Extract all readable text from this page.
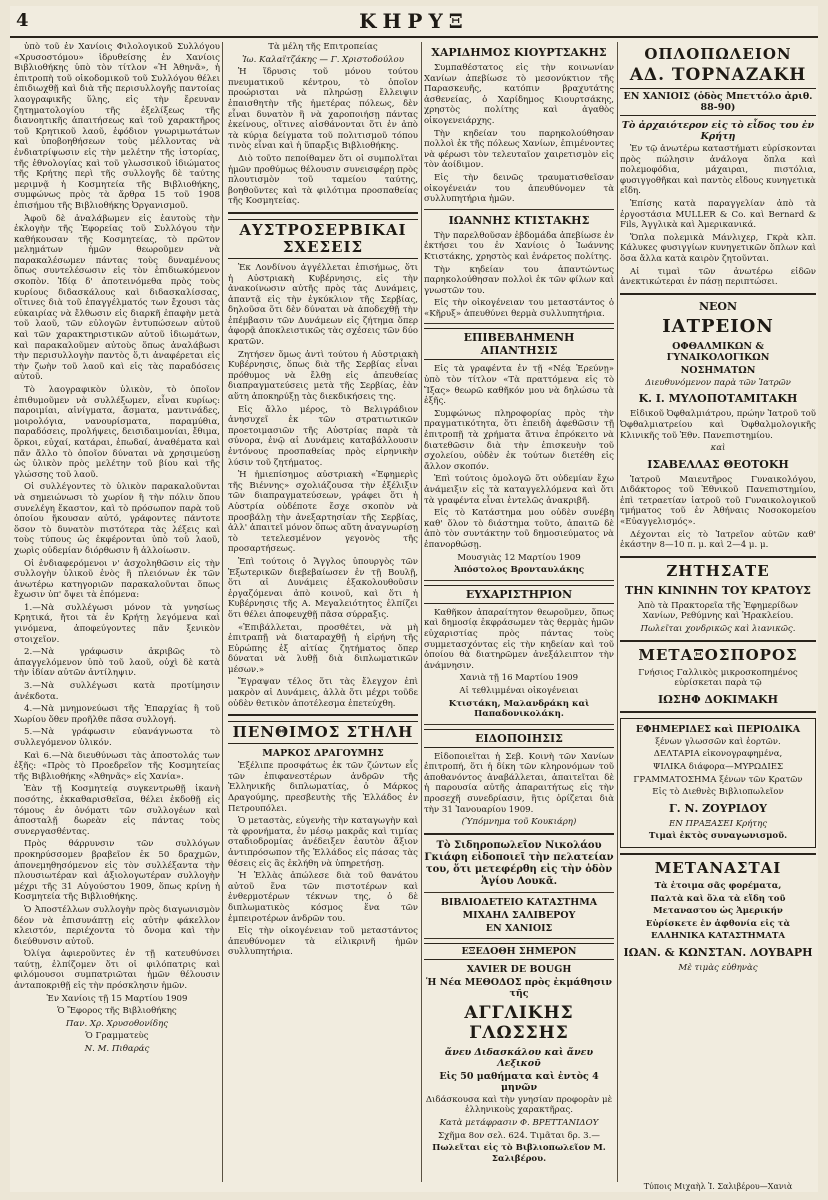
4	ΚΗΡΥΞ

ὑπὸ τοῦ ἐν Χανίοις Φιλολογικοῦ Συλλόγου «Χρυσοστόμου» ἱδρυθείσης ἐν Χανίοις Βιβλιοθήκης ὑπὸ τὸν τίτλον «Ἡ Ἀθηνᾶ», ἡ ἐπιτροπὴ τοῦ οἰκοδομικοῦ τοῦ Συλλόγου θέλει ἐπιδιωχθῇ καὶ διὰ τῆς περισυλλογῆς παντοίας λαογραφικῆς ὕλης, εἰς τὴν ἔρευναν ζητηματολογίου τῆς ἐξελίξεως τῆς διανοητικῆς ἀπαιτήσεως καὶ τοῦ χαρακτῆρος τοῦ Κρητικοῦ λαοῦ, ἐφόδιον γνωριμωτάτων καὶ ὑποβοηθήσεων τοὺς μέλλοντας νὰ ἐνδιατρίψωσιν εἰς τὴν μελέτην τῆς ἱστορίας, τῆς ἐθνολογίας καὶ τοῦ γλωσσικοῦ ἰδιώματος τῆς Κρήτης περὶ τῆς συλλογῆς δὲ ταύτης μεριμνᾷ ἡ Κοσμητεία τῆς Βιβλιοθήκης, συμφώνως πρὸς τὰ ἄρθρα 15 τοῦ 1908 ἐπισήμου τῆς Βιβλιοθήκης Ὀργανισμοῦ.

Ἀφοῦ δὲ ἀναλάβωμεν εἰς ἐαυτοὺς τὴν ἐκλογὴν τῆς Ἐφορείας τοῦ Συλλόγου τὴν καθήκουσαν τῆς Κοσμητείας, τὸ πρῶτον μελημάτων ἡμῶν θεωροῦμεν νὰ παρακαλέσωμεν πάντας τοὺς δυναμένους ὅπως συντελέσωσιν εἰς τὸν ἐπιδιωκόμενον σκοπὸν. Ἰδίᾳ δ' ἀποτεινόμεθα πρὸς τοὺς κυρίους διδασκάλους καὶ διδασκαλίσσας, οἵτινες διὰ τοῦ ἐπαγγέλματός των ἔχουσι τὰς εὐκαιρίας νὰ ἔλθωσιν εἰς διαρκῆ ἐπαφὴν μετὰ τοῦ λαοῦ, τῶν εὐλογῶν ἐντυπώσεων αὐτοῦ καὶ τῶν χαρακτηριστικῶν αὐτοῦ ἰδιωμάτων, καὶ παρακαλοῦμεν αὐτοὺς ὅπως ἀναλάβωσι τὴν περισυλλογὴν παντὸς ὅ,τι ἀναφέρεται εἰς τὴν ζωὴν τοῦ λαοῦ καὶ εἰς τὰς παραδόσεις αὐτοῦ.

Τὸ λαογραφικὸν ὑλικὸν, τὸ ὁποῖον ἐπιθυμοῦμεν νὰ συλλέξωμεν, εἶναι κυρίως: παροιμίαι, αἰνίγματα, ἄσματα, μαντινάδες, μοιρολόγια, νανουρίσματα, παραμύθια, παραδόσεις, προλήψεις, δεισιδαιμονίαι, ἔθιμα, ὅρκοι, εὐχαί, κατάραι, ἐπωδαί, ἀναθέματα καὶ πᾶν ἄλλο τὸ ὁποῖον δύναται νὰ χρησιμεύσῃ ὡς ὑλικὸν πρὸς μελέτην τοῦ βίου καὶ τῆς γλώσσης τοῦ λαοῦ.

Οἱ συλλέγοντες τὸ ὑλικὸν παρακαλοῦνται νὰ σημειώνωσι τὸ χωρίον ἢ τὴν πόλιν ὅπου συνελέγη ἕκαστον, καὶ τὸ πρόσωπον παρὰ τοῦ ὁποίου ἤκουσαν αὐτό, γράφοντες πάντοτε ὅσον τὸ δυνατὸν πιστότερα τὰς λέξεις καὶ τοὺς τύπους ὡς ἐκφέρονται ὑπὸ τοῦ λαοῦ, χωρὶς οὐδεμίαν διόρθωσιν ἢ ἀλλοίωσιν.

Οἱ ἐνδιαφερόμενοι ν' ἀσχοληθῶσιν εἰς τὴν συλλογὴν ὑλικοῦ ἐνὸς ἢ πλειόνων ἐκ τῶν ἀνωτέρω κατηγοριῶν παρακαλοῦνται ὅπως ἔχωσιν ὑπ' ὄψει τὰ ἑπόμενα:

1.—Νὰ συλλέγωσι μόνον τὰ γνησίως Κρητικά, ἤτοι τὰ ἐν Κρήτῃ λεγόμενα καὶ γινόμενα, ἀποφεύγοντες πᾶν ξενικὸν στοιχεῖον.

2.—Νὰ γράφωσιν ἀκριβῶς τὸ ἀπαγγελόμενον ὑπὸ τοῦ λαοῦ, οὐχὶ δὲ κατὰ τὴν ἰδίαν αὐτῶν ἀντίληψιν.

3.—Νὰ συλλέγωσι κατὰ προτίμησιν ἀνέκδοτα.

4.—Νὰ μνημονεύωσι τῆς Ἐπαρχίας ἢ τοῦ Χωρίου ὅθεν προῆλθε πᾶσα συλλογή.

5.—Νὰ γράφωσιν εὐανάγνωστα τὸ συλλεγόμενον ὑλικόν.

Καὶ 6.—Νὰ διευθύνωσι τὰς ἀποστολάς των ἐξῆς: «Πρὸς τὸ Προεδρεῖον τῆς Κοσμητείας τῆς Βιβλιοθήκης «Ἀθηνᾶς» εἰς Χανία».

Ἐὰν τῇ Κοσμητείᾳ συγκεντρωθῇ ἱκανὴ ποσότης, ἐκκαθαρισθεῖσα, θέλει ἐκδοθῇ εἰς τόμους ἐν ὀνόματι τῶν συλλογέων καὶ ἀποσταλῇ δωρεὰν εἰς πάντας τοὺς συνεργασθέντας.

Πρὸς θάρρυνσιν τῶν συλλόγων προκηρύσσομεν βραβεῖον ἐκ 50 δραχμῶν, ἀπονεμηθησόμενον εἰς τὸν συλλέξαντα τὴν πλουσιωτέραν καὶ ἀξιολογωτέραν συλλογὴν μέχρι τῆς 31 Αὐγούστου 1909, ὅπως κρίνῃ ἡ Κοσμητεία τῆς Βιβλιοθήκης.

Ὁ Ἀποστέλλων συλλογὴν πρὸς διαγωνισμὸν δέον νὰ ἐπισυνάπτῃ εἰς αὐτὴν φάκελλον κλειστόν, περιέχοντα τὸ ὄνομα καὶ τὴν διεύθυνσιν αὐτοῦ.

Ὀλίγα ἀφιεροῦντες ἐν τῇ κατευθύνσει ταύτῃ, ἐλπίζομεν ὅτι οἱ φιλόπατρις καὶ φιλόμουσοι συμπατριῶται ἡμῶν θέλουσιν ἀνταποκριθῇ εἰς τὴν πρόσκλησιν ἡμῶν.

Ἐν Χανίοις τῇ 15 Μαρτίου 1909

Ὁ Ἔφορος τῆς Βιβλιοθήκης

Παν. Χρ. Χρυσοθονίδης

Ὁ Γραμματεὺς

Ν. Μ. Πιθαράς

Τὰ μέλη τῆς Επιτροπείας

Ἰω. Καλαϊτζάκης — Γ. Χριστοδούλου

Ἡ ἵδρυσις τοῦ μόνου τούτου πνευματικοῦ κέντρου, τὸ ὁποῖον προώρισται νὰ πληρώσῃ ἔλλειψιν ἐπαισθητὴν τῆς ἡμετέρας πόλεως, δὲν εἶναι δυνατὸν ἢ νὰ χαροποιήσῃ πάντας ἐκείνους, οἵτινες αἰσθάνονται ὅτι ἐν ἀπὸ τὰ κύρια δείγματα τοῦ πολιτισμοῦ τόπου τινὸς εἶναι καὶ ἡ ὕπαρξις Βιβλιοθήκης.

Διὸ τοῦτο πεποίθαμεν ὅτι οἱ συμπολῖται ἡμῶν προθύμως θέλουσιν συνεισφέρῃ πρὸς πλουτισμὸν τοῦ ταμείου ταύτης, βοηθοῦντες καὶ τὰ φιλότιμα προσπαθείας τῆς Κοσμητείας.

ΑΥΣΤΡΟΣΕΡΒΙΚΑΙ ΣΧΕΣΕΙΣ

Ἐκ Λονδίνου ἀγγέλλεται ἐπισήμως, ὅτι ἡ Αὐστριακὴ Κυβέρνησις, εἰς τὴν ἀνακοίνωσιν αὐτῆς πρὸς τὰς Δυνάμεις, ἀπαντᾷ εἰς τὴν ἐγκύκλιον τῆς Σερβίας, δηλοῦσα ὅτι δὲν δύναται νὰ ἀποδεχθῇ τὴν ἐπέμβασιν τῶν Δυνάμεων εἰς ζήτημα ὅπερ ἀφορᾷ ἀποκλειστικῶς τὰς σχέσεις τῶν δύο κρατῶν.

Ζητήσεν ὅμως ἀντὶ τούτου ἡ Αὐστριακὴ Κυβέρνησις, ὅπως διὰ τῆς Σερβίας εἶναι πρόθυμος νὰ ἔλθῃ εἰς ἀπευθείας διαπραγματεύσεις μετὰ τῆς Σερβίας, ἐὰν αὕτη ἀποκηρύξῃ τὰς διεκδικήσεις της.

Εἰς ἄλλο μέρος, τὸ Βελιγράδιον ἀνησυχεῖ ἐκ τῶν στρατιωτικῶν προετοιμασιῶν τῆς Αὐστρίας παρὰ τὰ σύνορα, ἐνῷ αἱ Δυνάμεις καταβάλλουσιν ἐντόνους προσπαθείας πρὸς εἰρηνικὴν λύσιν τοῦ ζητήματος.

Ἡ ἡμιεπίσημος αὐστριακὴ «Ἐφημερὶς τῆς Βιέννης» σχολιάζουσα τὴν ἐξέλιξιν τῶν διαπραγματεύσεων, γράφει ὅτι ἡ Αὐστρία οὐδέποτε ἔσχε σκοπὸν νὰ προσβάλῃ τὴν ἀνεξαρτησίαν τῆς Σερβίας, ἀλλ' ἀπαιτεῖ μόνον ὅπως αὕτη ἀναγνωρίσῃ τὸ τετελεσμένον γεγονὸς τῆς προσαρτήσεως.

Ἐπὶ τούτοις ὁ Ἄγγλος ὑπουργὸς τῶν Ἐξωτερικῶν διεβεβαίωσεν ἐν τῇ Βουλῇ, ὅτι αἱ Δυνάμεις ἐξακολουθοῦσιν ἐργαζόμεναι ἀπὸ κοινοῦ, καὶ ὅτι ἡ Κυβέρνησις τῆς Α. Μεγαλειότητος ἐλπίζει ὅτι θέλει ἀποφευχθῇ πᾶσα σύρραξις.

«Ἐπιβάλλεται, προσθέτει, νὰ μὴ ἐπιτραπῇ νὰ διαταραχθῇ ἡ εἰρήνη τῆς Εὐρώπης ἐξ αἰτίας ζητήματος ὅπερ δύναται νὰ λυθῇ διὰ διπλωματικῶν μέσων.»

Ἔγραψαν τέλος ὅτι τὰς ἔλεγχον ἐπὶ μακρὸν αἱ Δυνάμεις, ἀλλὰ ὅτι μέχρι τοῦδε οὐδὲν θετικὸν ἀποτέλεσμα ἐπετεύχθη.

ΠΕΝΘΙΜΟΣ ΣΤΗΛΗ
ΜΑΡΚΟΣ ΔΡΑΓΟΥΜΗΣ

Ἐξέλιπε προσφάτως ἐκ τῶν ζώντων εἷς τῶν ἐπιφανεστέρων ἀνδρῶν τῆς Ἑλληνικῆς διπλωματίας, ὁ Μάρκος Δραγούμης, πρεσβευτὴς τῆς Ἑλλάδος ἐν Πετρουπόλει.

Ὁ μεταστὰς, εὐγενὴς τὴν καταγωγὴν καὶ τὰ φρονήματα, ἐν μέσῳ μακρᾶς καὶ τιμίας σταδιοδρομίας ἀνέδειξεν ἑαυτὸν ἄξιον ἀντιπρόσωπον τῆς Ἑλλάδος εἰς πάσας τὰς θέσεις εἰς ἃς ἐκλήθη νὰ ὑπηρετήσῃ.

Ἡ Ἑλλὰς ἀπώλεσε διὰ τοῦ θανάτου αὐτοῦ ἕνα τῶν πιστοτέρων καὶ ἐνθερμοτέρων τέκνων της, ὁ δὲ διπλωματικὸς κόσμος ἕνα τῶν ἐμπειροτέρων ἀνδρῶν του.

Εἰς τὴν οἰκογένειαν τοῦ μεταστάντος ἀπευθύνομεν τὰ εἰλικρινῆ ἡμῶν συλλυπητήρια.

ΧΑΡΙΔΗΜΟΣ ΚΙΟΥΡΤΣΑΚΗΣ

Συμπαθέστατος εἰς τὴν κοινωνίαν Χανίων ἀπεβίωσε τὸ μεσονύκτιον τῆς Παρασκευῆς, κατόπιν βραχυτάτης ἀσθενείας, ὁ Χαρίδημος Κιουρτσάκης, χρηστὸς πολίτης καὶ ἀγαθὸς οἰκογενειάρχης.

Τὴν κηδείαν του παρηκολούθησαν πολλοὶ ἐκ τῆς πόλεως Χανίων, ἐπιμένοντες νὰ φέρωσι τὸν τελευταῖον χαιρετισμὸν εἰς τὸν ἀοίδιμον.

Εἰς τὴν δεινῶς τραυματισθεῖσαν οἰκογένειάν του ἀπευθύνομεν τὰ συλλυπητήρια ἡμῶν.

ΙΩΑΝΝΗΣ ΚΤΙΣΤΑΚΗΣ

Τὴν παρελθοῦσαν ἑβδομάδα ἀπεβίωσε ἐν ἐκτήσει του ἐν Χανίοις ὁ Ἰωάννης Κτιστάκης, χρηστὸς καὶ ἐνάρετος πολίτης.

Τὴν κηδείαν του ἀπαντώντως παρηκολούθησαν πολλοὶ ἐκ τῶν φίλων καὶ γνωστῶν του.

Εἰς τὴν οἰκογένειαν του μεταστάντος ὁ «Κῆρυξ» ἀπευθύνει θερμὰ συλλυπητήρια.

ΕΠΙΒΕΒΛΗΜΕΝΗ ΑΠΑΝΤΗΣΙΣ

Εἰς τὰ γραφέντα ἐν τῇ «Νέᾳ Ἐρεύνῃ» ὑπὸ τὸν τίτλον «Τὰ πραττόμενα εἰς τὸ Ἴξας» θεωρῶ καθῆκόν μου νὰ δηλώσω τὰ ἑξῆς.

Συμφώνως πληροφορίας πρὸς τὴν πραγματικότητα, ὅτι ἐπειδὴ ἀφεθῶσιν τῇ ἐπιτροπῇ τὰ χρήματα ἅτινα ἐπρόκειτο νὰ διατεθῶσιν διὰ τὴν ἐπισκευὴν τοῦ σχολείου, οὐδὲν ἐκ τούτων διετέθη εἰς ἄλλον σκοπόν.

Ἐπὶ τούτοις ὁμολογῶ ὅτι οὐδεμίαν ἔχω ἀνάμειξιν εἰς τὰ καταγγελλόμενα καὶ ὅτι τὰ γραφέντα εἶναι ἐντελῶς ἀνακριβῆ.

Εἰς τὸ Κατάστημα μου οὐδὲν συνέβη καθ' ὅλον τὸ διάστημα τοῦτο, ἀπαιτῶ δὲ ἀπὸ τὸν συντάκτην τοῦ δημοσιεύματος νὰ ἐπανορθώσῃ.

Μουσγιὰς 12 Μαρτίου 1909

Ἀπόστολος Βρονταυλάκης

ΕΥΧΑΡΙΣΤΗΡΙΟΝ

Καθῆκον ἀπαραίτητον θεωροῦμεν, ὅπως καὶ δημοσίᾳ ἐκφράσωμεν τὰς θερμὰς ἡμῶν εὐχαριστίας πρὸς πάντας τοὺς συμμετασχόντας εἰς τὴν κηδείαν καὶ τοῦ ὁποίου θὰ διατηρῶμεν ἀνεξάλειπτον τὴν ἀνάμνησιν.

Χανιὰ τῇ 16 Μαρτίου 1909

Αἱ τεθλιμμέναι οἰκογένειαι

Κτιστάκη, Μαλανδράκη καὶ Παπαδονικολάκη.

ΕΙΔΟΠΟΙΗΣΙΣ

Εἰδοποιεῖται ἡ Σεβ. Κοινὴ τῶν Χανίων ἐπιτροπή, ὅτι ἡ δίκη τῶν κληρονόμων τοῦ ἀποθανόντος ἀναβάλλεται, ἀπαιτεῖται δὲ ἡ παρουσία αὐτῆς ἀπαραιτήτως εἰς τὴν προσεχῆ συνεδρίασιν, ἣτις ὁρίζεται διὰ τὴν 31 Ἰανουαρίου 1909.

(Ὑπόμνημα τοῦ Κουκιάρη)

Τὸ Σιδηροπωλεῖον Νικολάου Γκιάφη εἰδοποιεῖ τὴν πελατείαν του, ὅτι μετεφέρθη εἰς τὴν ὁδὸν Ἁγίου Λουκᾶ.

ΒΙΒΛΙΟΔΕΤΕΙΟ ΚΑΤΑΣΤΗΜΑ
ΜΙΧΑΗΛ ΣΑΛΙΒΕΡΟΥ
ΕΝ ΧΑΝΙΟΙΣ
ΕΞΕΔΟΘΗ ΣΗΜΕΡΟΝ
XAVIER DE BOUGH
Ἡ Νέα ΜΕΘΟΔΟΣ πρὸς ἐκμάθησιν τῆς
ΑΓΓΛΙΚΗΣ ΓΛΩΣΣΗΣ
ἄνευ Διδασκάλου καὶ ἄνευ Λεξικοῦ
Εἰς 50 μαθήματα καὶ ἐντὸς 4 μηνῶν

Διδάσκουσα καὶ τὴν γνησίαν προφορὰν μὲ ἑλληνικοὺς χαρακτῆρας.

Κατὰ μετάφρασιν Φ. ΒΡΕΤΤΑΝΙΔΟΥ

Σχῆμα 8ον σελ. 624. Τιμᾶται δρ. 3.—

Πωλεῖται εἰς τὸ Βιβλιοπωλεῖον Μ. Σαλιβέρου.

ΟΠΛΟΠΩΛΕΙΟΝ
ΑΔ. ΤΟΡΝΑΖΑΚΗ
ΕΝ ΧΑΝΙΟΙΣ (ὁδὸς Μπεττόλο ἀριθ. 88-90)
Τὸ ἀρχαιότερον εἰς τὸ εἶδος του ἐν Κρήτῃ

Ἐν τῷ ἀνωτέρω καταστήματι εὑρίσκονται πρὸς πώλησιν ἀνάλογα ὅπλα καὶ πολεμοφόδια, μάχαιραι, πιστόλια, φυσιγγοθῆκαι καὶ παντὸς εἴδους κυνηγετικὰ εἴδη.

Ἐπίσης κατὰ παραγγελίαν ἀπὸ τὰ ἐργοστάσια MULLER & Co. καὶ Bernard & Fils, Ἀγγλικὰ καὶ Ἀμερικανικά.

Ὅπλα πολεμικὰ Μάνλιχερ, Γκρὰ κλπ. Κάλυκες φυσιγγίων κυνηγετικῶν ὅπλων καὶ ὅσα ἄλλα κατὰ καιρὸν ζητοῦνται.

Αἱ τιμαὶ τῶν ἀνωτέρω εἰδῶν ἀνεκτικώτεραι ἐν πάσῃ περιπτώσει.

ΝΕΟΝ
ΙΑΤΡΕΙΟΝ
ΟΦΘΑΛΜΙΚΩΝ & ΓΥΝΑΙΚΟΛΟΓΙΚΩΝ
ΝΟΣΗΜΑΤΩΝ

Διευθυνόμενον παρὰ τῶν Ἰατρῶν

Κ. Ι. ΜΥΛΟΠΟΤΑΜΙΤΑΚΗ

Εἰδικοῦ Ὀφθαλμιάτρου, πρώην Ἰατροῦ τοῦ Ὀφθαλμιατρείου καὶ Ὀφθαλμολογικῆς Κλινικῆς τοῦ Ἐθν. Πανεπιστημίου.

καὶ

ΙΣΑΒΕΛΛΑΣ ΘΕΟΤΟΚΗ

Ἰατροῦ Μαιευτῆρος Γυναικολόγου, Διδάκτορος τοῦ Ἐθνικοῦ Πανεπιστημίου, ἐπὶ τετραετίαν ἰατροῦ τοῦ Γυναικολογικοῦ τμήματος τοῦ ἐν Ἀθήναις Νοσοκομείου «Εὐαγγελισμός».

Δέχονται εἰς τὸ Ἰατρεῖον αὐτῶν καθ' ἑκάστην 8—10 π. μ. καὶ 2—4 μ. μ.

ΖΗΤΗΣΑΤΕ
ΤΗΝ ΚΙΝΙΝΗΝ ΤΟΥ ΚΡΑΤΟΥΣ

Ἀπὸ τὰ Πρακτορεῖα τῆς Ἐφημερίδων Χανίων, Ρεθύμνης καὶ Ἡρακλείου.

Πωλεῖται χονδρικῶς καὶ λιανικῶς.

ΜΕΤΑΞΟΣΠΟΡΟΣ

Γνήσιος Γαλλικὸς μικροσκοπημένος εὑρίσκεται παρὰ τῷ

ΙΩΣΗΦ ΔΟΚΙΜΑΚΗ
ΕΦΗΜΕΡΙΔΕΣ καὶ ΠΕΡΙΟΔΙΚΑ

ξένων γλωσσῶν καὶ ἑορτῶν.

ΔΕΛΤΑΡΙΑ εἰκονογραφημένα,

ΨΙΛΙΚΑ διάφορα—ΜΥΡΩΔΙΕΣ

ΓΡΑΜΜΑΤΟΣΗΜΑ ξένων τῶν Κρατῶν

Εἰς τὸ Διεθνὲς Βιβλιοπωλεῖον

Γ. Ν. ΖΟΥΡΙΔΟΥ

ΕΝ ΠΡΑΞΑΣΕΙ Κρήτης

Τιμαὶ ἐκτὸς συναγωνισμοῦ.

ΜΕΤΑΝΑΣΤΑΙ

Τὰ ἑτοιμα σᾶς φορέματα,

Παλτὰ καὶ ὅλα τὰ εἴδη τοῦ

Μεταναστου ὡς Ἀμερικήν

Εὑρίσκετε ἐν ἀφθονία εἰς τὰ

ΕΛΛΗΝΙΚΑ ΚΑΤΑΣΤΗΜΑΤΑ

ΙΩΑΝ. & ΚΩΝΣΤΑΝ. ΛΟΥΒΑΡΗ

Μὲ τιμὰς εὐθηνὰς

Τύποις Μιχαὴλ Ἰ. Σαλιβέρου—Χανιὰ
